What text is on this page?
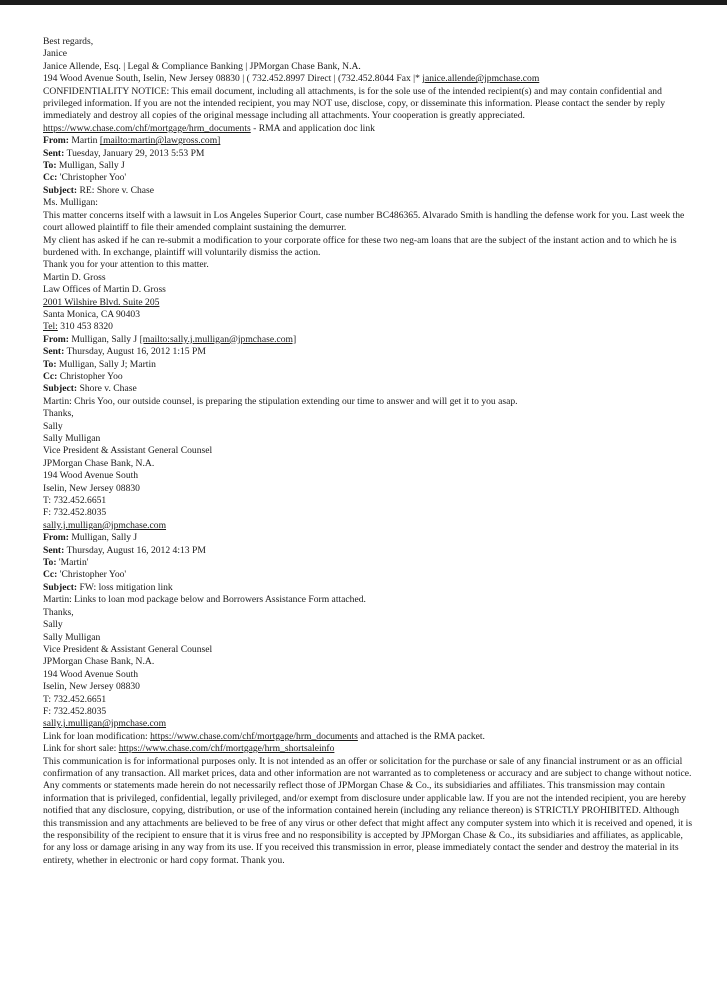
Best regards,
Janice
Janice Allende, Esq. | Legal & Compliance Banking | JPMorgan Chase Bank, N.A.
194 Wood Avenue South, Iselin, New Jersey 08830 | ( 732.452.8997 Direct | (732.452.8044 Fax |* janice.allende@jpmchase.com
CONFIDENTIALITY NOTICE: This email document, including all attachments, is for the sole use of the intended recipient(s) and may contain confidential and privileged information. If you are not the intended recipient, you may NOT use, disclose, copy, or disseminate this information. Please contact the sender by reply immediately and destroy all copies of the original message including all attachments. Your cooperation is greatly appreciated.
https://www.chase.com/chf/mortgage/hrm_documents - RMA and application doc link
From: Martin [mailto:martin@lawgross.com]
Sent: Tuesday, January 29, 2013 5:53 PM
To: Mulligan, Sally J
Cc: 'Christopher Yoo'
Subject: RE: Shore v. Chase
Ms. Mulligan:
This matter concerns itself with a lawsuit in Los Angeles Superior Court, case number BC486365. Alvarado Smith is handling the defense work for you. Last week the court allowed plaintiff to file their amended complaint sustaining the demurrer.
My client has asked if he can re-submit a modification to your corporate office for these two neg-am loans that are the subject of the instant action and to which he is burdened with. In exchange, plaintiff will voluntarily dismiss the action.
Thank you for your attention to this matter.
Martin D. Gross
Law Offices of Martin D. Gross
2001 Wilshire Blvd. Suite 205
Santa Monica, CA 90403
Tel: 310 453 8320
From: Mulligan, Sally J [mailto:sally.j.mulligan@jpmchase.com]
Sent: Thursday, August 16, 2012 1:15 PM
To: Mulligan, Sally J; Martin
Cc: Christopher Yoo
Subject: Shore v. Chase
Martin: Chris Yoo, our outside counsel, is preparing the stipulation extending our time to answer and will get it to you asap.
Thanks,
Sally
Sally Mulligan
Vice President & Assistant General Counsel
JPMorgan Chase Bank, N.A.
194 Wood Avenue South
Iselin, New Jersey 08830
T: 732.452.6651
F: 732.452.8035
sally.j.mulligan@jpmchase.com
From: Mulligan, Sally J
Sent: Thursday, August 16, 2012 4:13 PM
To: 'Martin'
Cc: 'Christopher Yoo'
Subject: FW: loss mitigation link
Martin: Links to loan mod package below and Borrowers Assistance Form attached.
Thanks,
Sally
Sally Mulligan
Vice President & Assistant General Counsel
JPMorgan Chase Bank, N.A.
194 Wood Avenue South
Iselin, New Jersey 08830
T: 732.452.6651
F: 732.452.8035
sally.j.mulligan@jpmchase.com
Link for loan modification: https://www.chase.com/chf/mortgage/hrm_documents and attached is the RMA packet.
Link for short sale: https://www.chase.com/chf/mortgage/hrm_shortsaleinfo
This communication is for informational purposes only. It is not intended as an offer or solicitation for the purchase or sale of any financial instrument or as an official confirmation of any transaction. All market prices, data and other information are not warranted as to completeness or accuracy and are subject to change without notice. Any comments or statements made herein do not necessarily reflect those of JPMorgan Chase & Co., its subsidiaries and affiliates. This transmission may contain information that is privileged, confidential, legally privileged, and/or exempt from disclosure under applicable law. If you are not the intended recipient, you are hereby notified that any disclosure, copying, distribution, or use of the information contained herein (including any reliance thereon) is STRICTLY PROHIBITED. Although this transmission and any attachments are believed to be free of any virus or other defect that might affect any computer system into which it is received and opened, it is the responsibility of the recipient to ensure that it is virus free and no responsibility is accepted by JPMorgan Chase & Co., its subsidiaries and affiliates, as applicable, for any loss or damage arising in any way from its use. If you received this transmission in error, please immediately contact the sender and destroy the material in its entirety, whether in electronic or hard copy format. Thank you.
